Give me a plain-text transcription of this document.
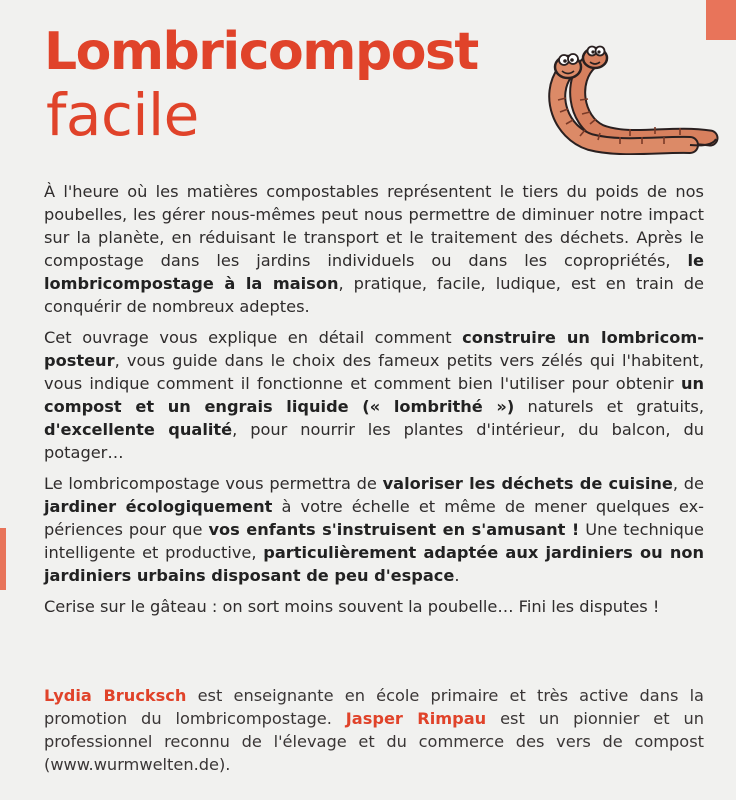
Lombricompost
facile

À l'heure où les matières compostables représentent le tiers du poids de nos poubelles, les gérer nous-mêmes peut nous permettre de diminuer notre impact sur la planète, en réduisant le transport et le traitement des déchets. Après le compostage dans les jardins individuels ou dans les copropriétés, le lombricompostage à la maison, pratique, facile, ludique, est en train de conquérir de nombreux adeptes.

Cet ouvrage vous explique en détail comment construire un lombricomposteur, vous guide dans le choix des fameux petits vers zélés qui l'habitent, vous indique comment il fonctionne et comment bien l'utiliser pour obtenir un compost et un engrais liquide (« lombrithé ») naturels et gratuits, d'excellente qualité, pour nourrir les plantes d'intérieur, du balcon, du potager…

Le lombricompostage vous permettra de valoriser les déchets de cuisine, de jardiner écologiquement à votre échelle et même de mener quelques expériences pour que vos enfants s'instruisent en s'amusant ! Une technique intelligente et productive, particulièrement adaptée aux jardiniers ou non jardiniers urbains disposant de peu d'espace.

Cerise sur le gâteau : on sort moins souvent la poubelle… Fini les disputes !

Lydia Brucksch est enseignante en école primaire et très active dans la promotion du lombricompostage. Jasper Rimpau est un pionnier et un professionnel reconnu de l'élevage et du commerce des vers de compost (www.wurmwelten.de).
